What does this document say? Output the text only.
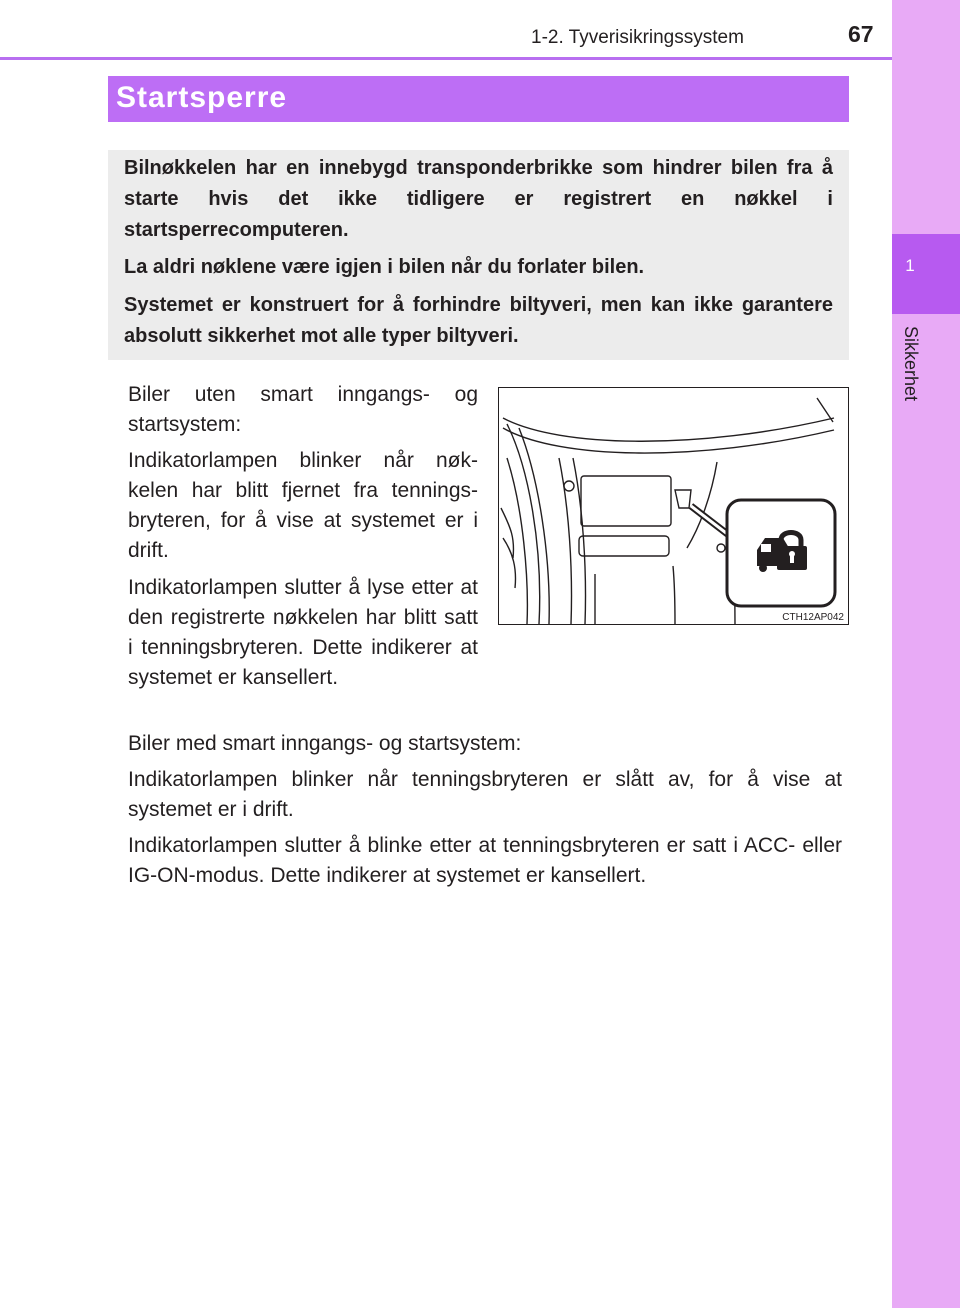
1
Sikkerhet
1-2. Tyverisikringssystem	67
Startsperre

Bilnøkkelen har en innebygd transponderbrikke som hindrer bilen fra å starte hvis det ikke tidligere er registrert en nøkkel i startsperrecomputeren.

La aldri nøklene være igjen i bilen når du forlater bilen.

Systemet er konstruert for å forhindre biltyveri, men kan ikke garantere absolutt sikkerhet mot alle typer biltyveri.

Biler uten smart inngangs- og startsystem:

Indikatorlampen blinker når nøk-kelen har blitt fjernet fra tennings-bryteren, for å vise at systemet er i drift.

Indikatorlampen slutter å lyse etter at den registrerte nøkkelen har blitt satt i tenningsbryteren. Dette indikerer at systemet er kansellert.

Biler med smart inngangs- og startsystem:

Indikatorlampen blinker når tenningsbryteren er slått av, for å vise at systemet er i drift.

Indikatorlampen slutter å blinke etter at tenningsbryteren er satt i ACC- eller IG-ON-modus. Dette indikerer at systemet er kansellert.

CTH12AP042
